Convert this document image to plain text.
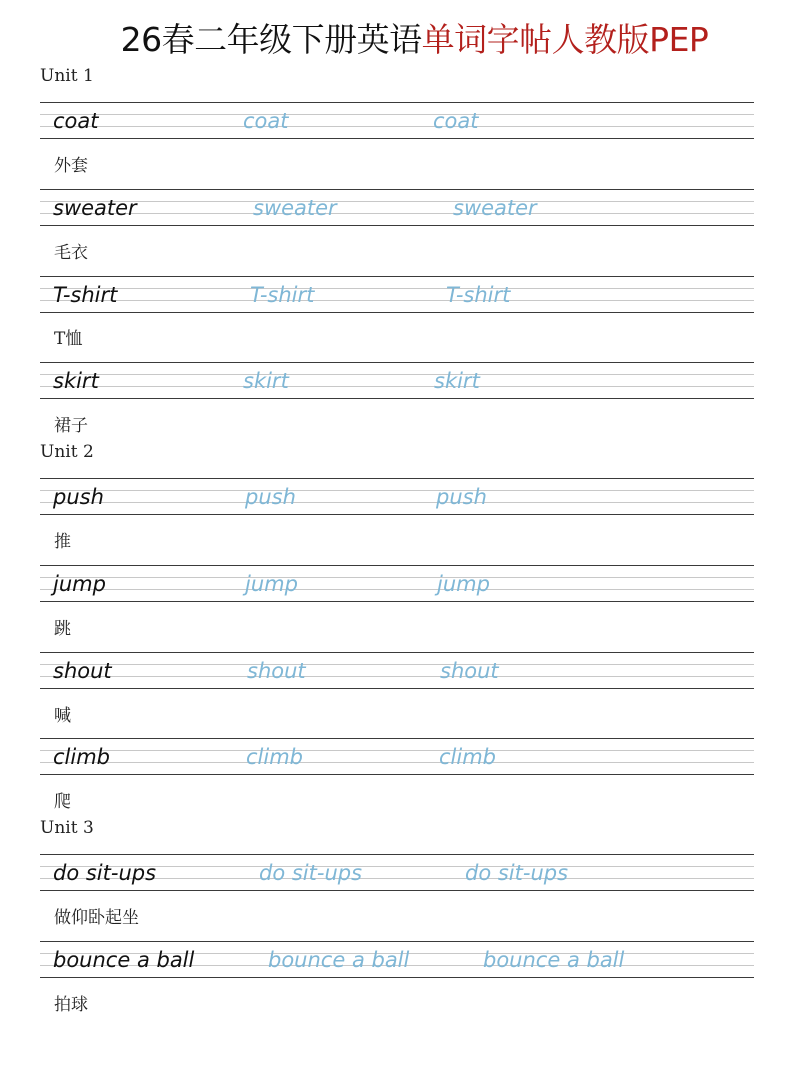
26春二年级下册英语单词字帖人教版PEP
Unit 1
coat	coat	coat
外套
sweater	sweater	sweater
毛衣
T-shirt	T-shirt	T-shirt
T恤
skirt	skirt	skirt
裙子
Unit 2
push	push	push
推
jump	jump	jump
跳
shout	shout	shout
喊
climb	climb	climb
爬
Unit 3
do sit-ups	do sit-ups	do sit-ups
做仰卧起坐
bounce a ball	bounce a ball	bounce a ball
拍球
